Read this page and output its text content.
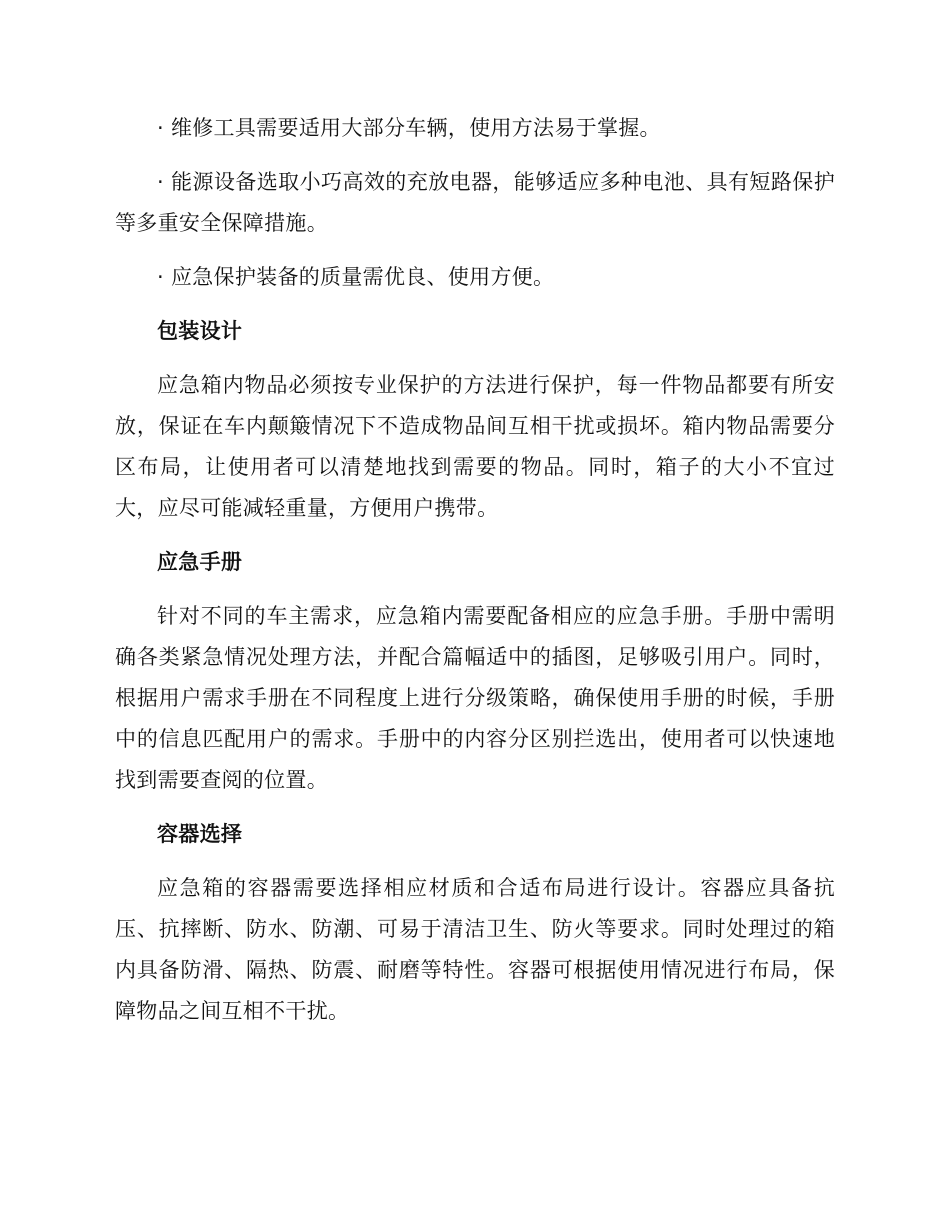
· 维修工具需要适用大部分车辆，使用方法易于掌握。

· 能源设备选取小巧高效的充放电器，能够适应多种电池、具有短路保护等多重安全保障措施。

· 应急保护装备的质量需优良、使用方便。

包装设计

应急箱内物品必须按专业保护的方法进行保护，每一件物品都要有所安放，保证在车内颠簸情况下不造成物品间互相干扰或损坏。箱内物品需要分区布局，让使用者可以清楚地找到需要的物品。同时，箱子的大小不宜过大，应尽可能减轻重量，方便用户携带。

应急手册

针对不同的车主需求，应急箱内需要配备相应的应急手册。手册中需明确各类紧急情况处理方法，并配合篇幅适中的插图，足够吸引用户。同时，根据用户需求手册在不同程度上进行分级策略，确保使用手册的时候，手册中的信息匹配用户的需求。手册中的内容分区别拦选出，使用者可以快速地找到需要查阅的位置。

容器选择

应急箱的容器需要选择相应材质和合适布局进行设计。容器应具备抗压、抗摔断、防水、防潮、可易于清洁卫生、防火等要求。同时处理过的箱内具备防滑、隔热、防震、耐磨等特性。容器可根据使用情况进行布局，保障物品之间互相不干扰。
